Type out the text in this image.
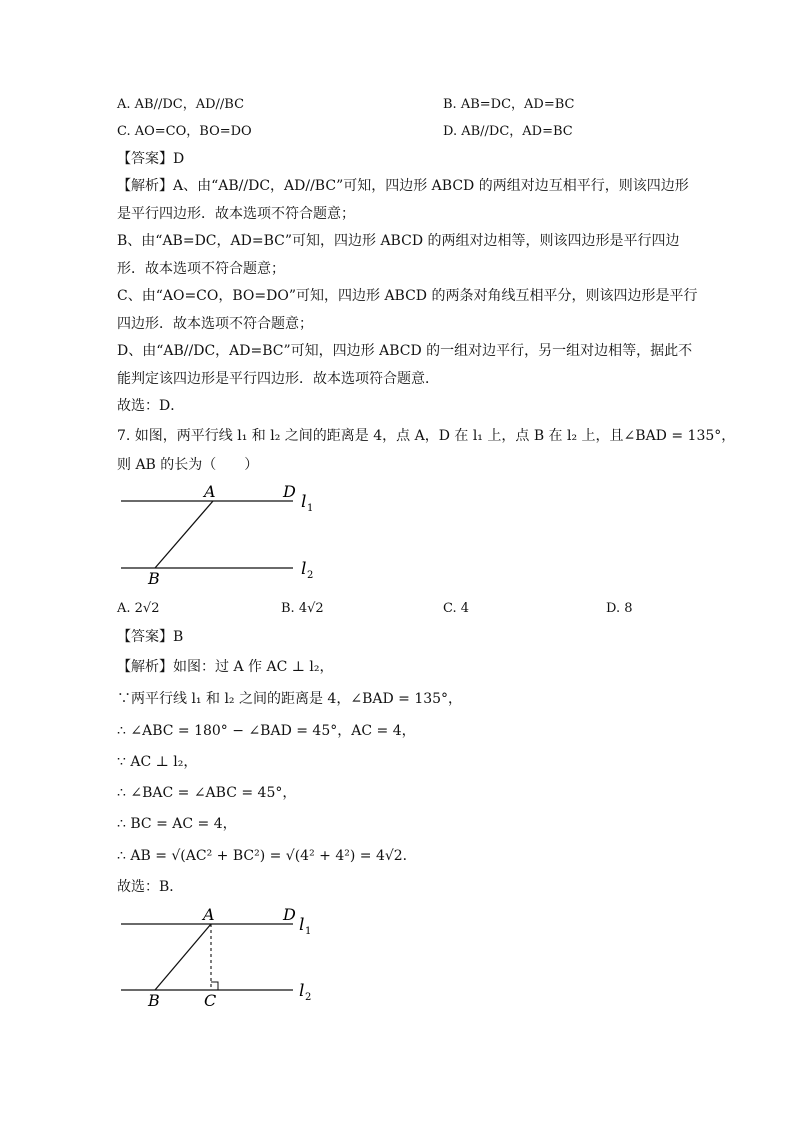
A. AB//DC，AD//BC	B. AB=DC，AD=BC
C. AO=CO，BO=DO	D. AB//DC，AD=BC
【答案】D
【解析】A、由“AB//DC，AD//BC”可知，四边形 ABCD 的两组对边互相平行，则该四边形
是平行四边形．故本选项不符合题意；
B、由“AB=DC，AD=BC”可知，四边形 ABCD 的两组对边相等，则该四边形是平行四边
形．故本选项不符合题意；
C、由“AO=CO，BO=DO”可知，四边形 ABCD 的两条对角线互相平分，则该四边形是平行
四边形．故本选项不符合题意；
D、由“AB//DC，AD=BC”可知，四边形 ABCD 的一组对边平行，另一组对边相等，据此不
能判定该四边形是平行四边形．故本选项符合题意．
故选：D．
7. 如图，两平行线 l₁ 和 l₂ 之间的距离是 4，点 A，D 在 l₁ 上，点 B 在 l₂ 上，且∠BAD = 135°，
则 AB 的长为（　　）
A	D
B
l 1
l 2
A. 2√2	B. 4√2	C. 4	D. 8
【答案】B
【解析】如图：过 A 作 AC ⊥ l₂，
∵两平行线 l₁ 和 l₂ 之间的距离是 4，∠BAD = 135°，
∴ ∠ABC = 180° − ∠BAD = 45°，AC = 4，
∵ AC ⊥ l₂，
∴ ∠BAC = ∠ABC = 45°，
∴ BC = AC = 4，
∴ AB = √(AC² + BC²) = √(4² + 4²) = 4√2．
故选：B．
A	D
B	C
l 1
l 2
